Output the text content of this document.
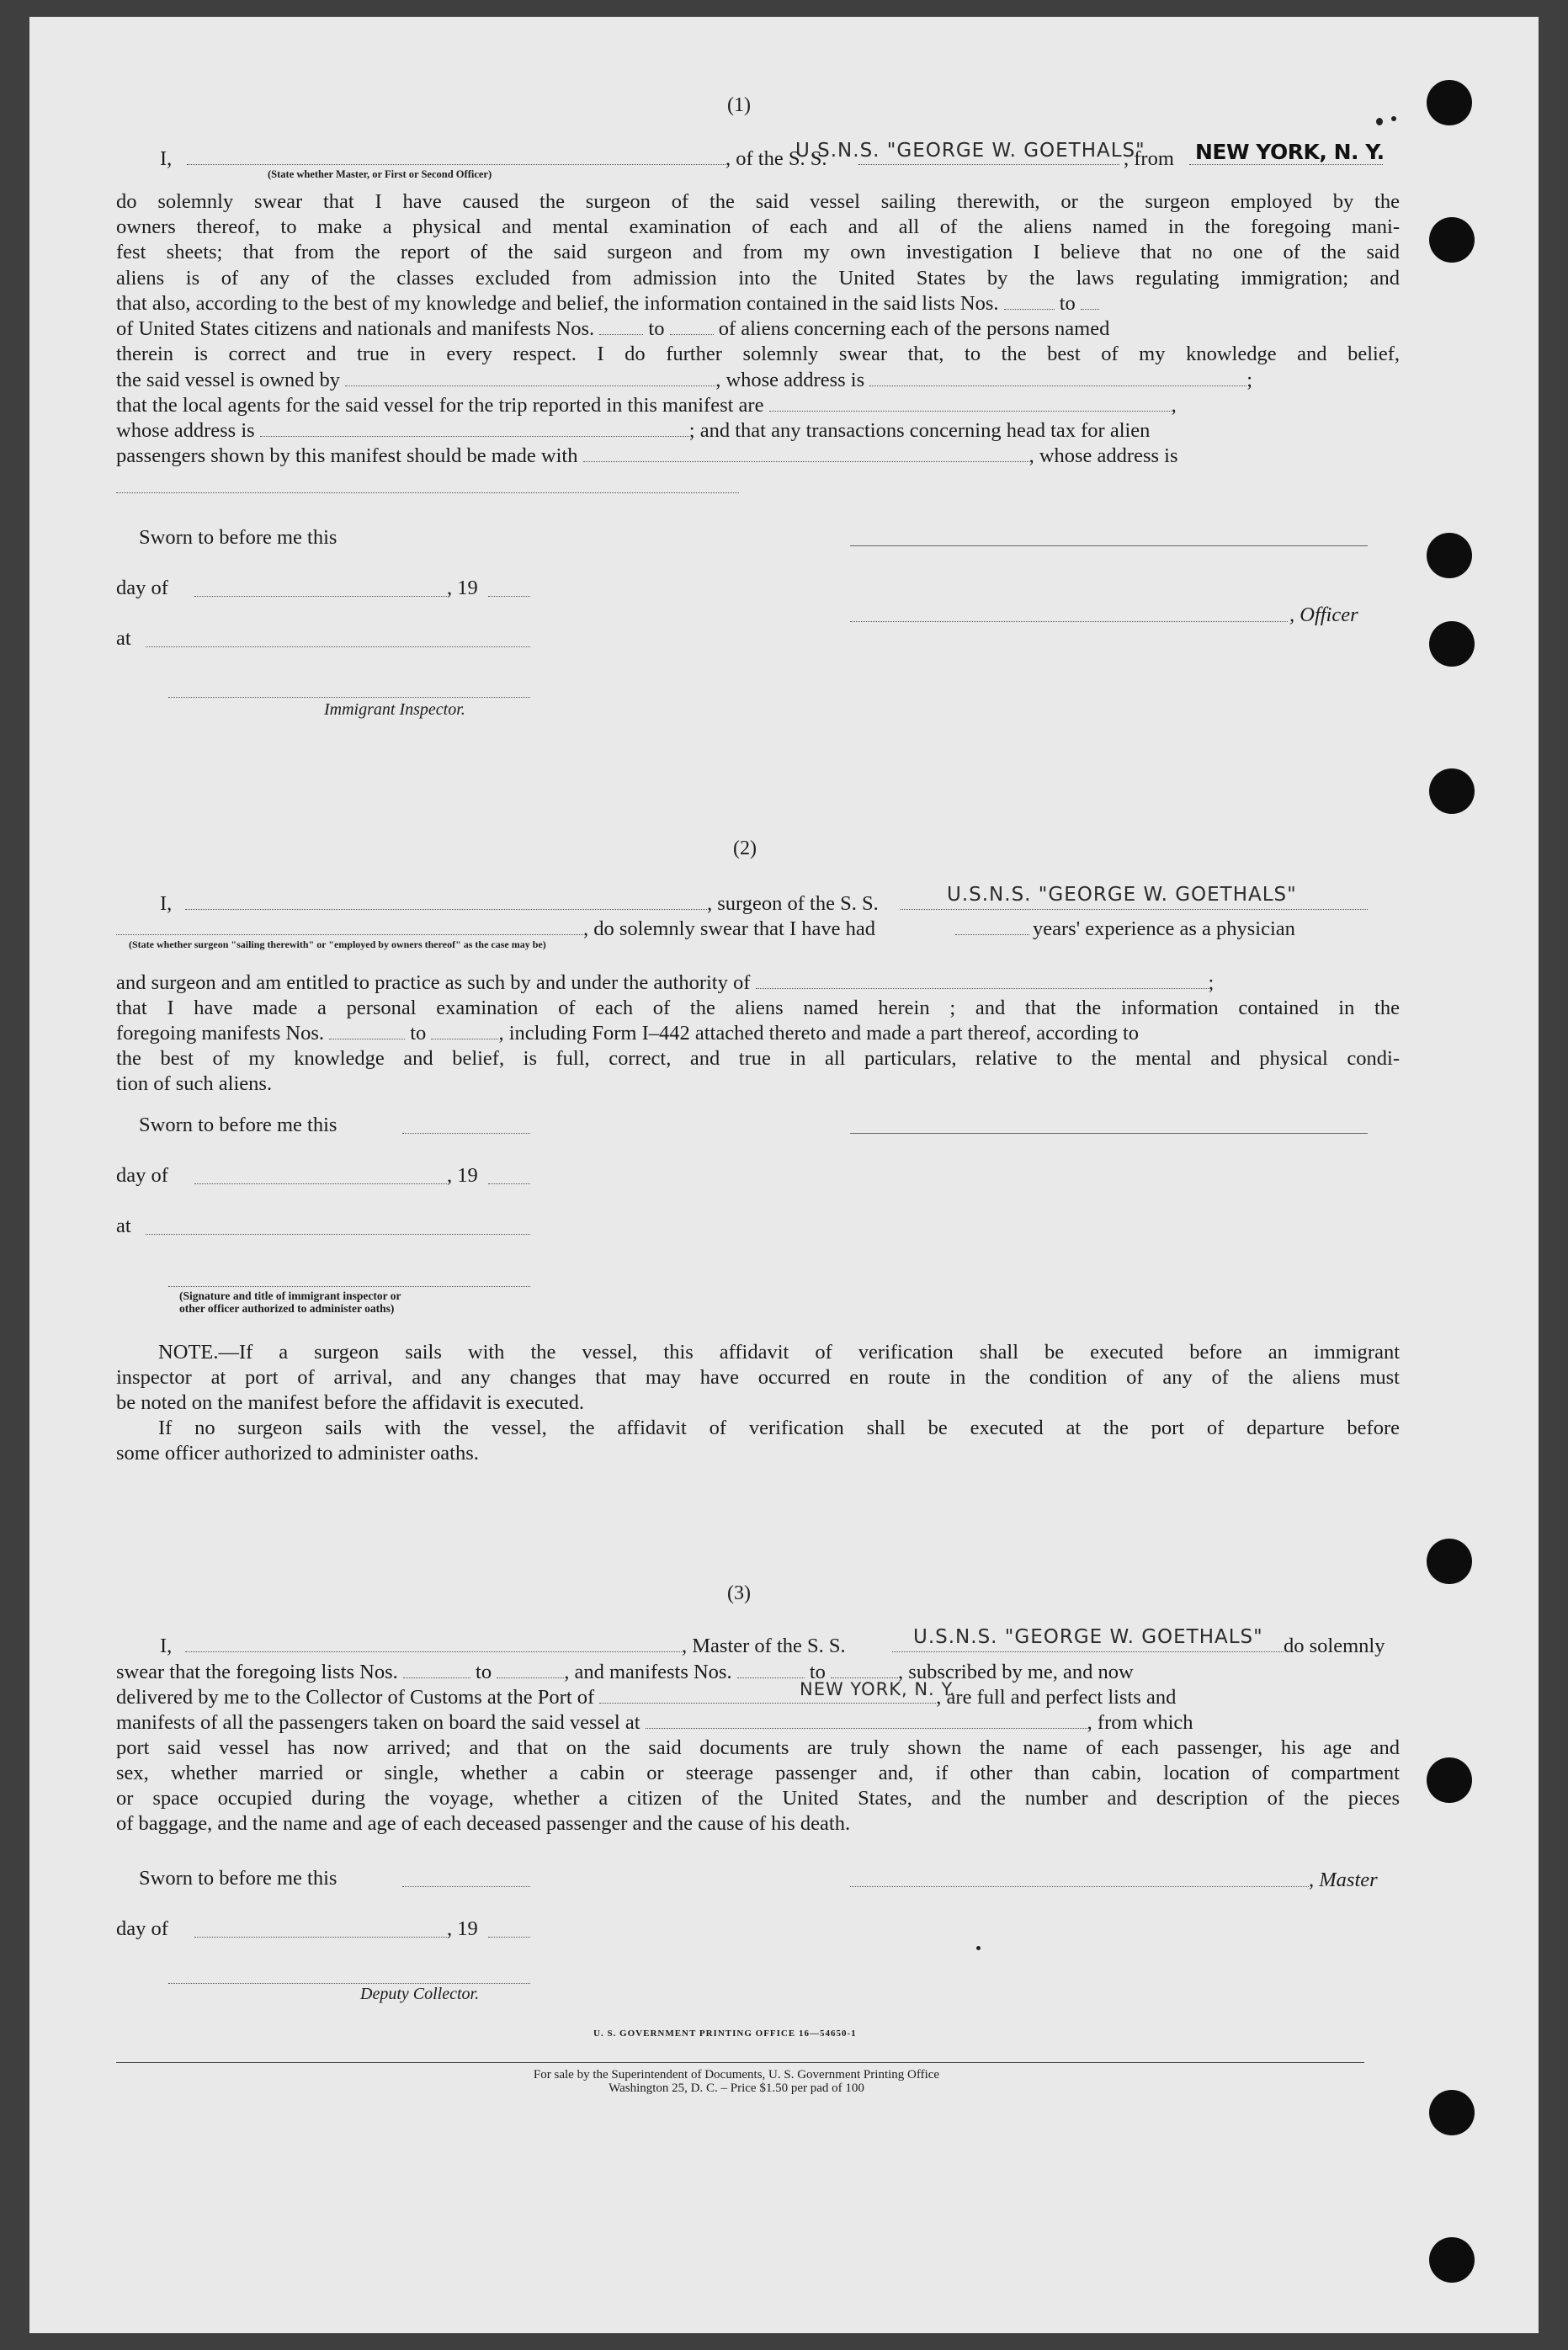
(1)
I,
(State whether Master, or First or Second Officer)
, of the S. S.
U.S.N.S. "GEORGE W. GOETHALS"
, from NEW YORK, N. Y.
do solemnly swear that I have caused the surgeon of the said vessel sailing therewith, or the surgeon employed by the
owners thereof, to make a physical and mental examination of each and all of the aliens named in the foregoing mani-
fest sheets; that from the report of the said surgeon and from my own investigation I believe that no one of the said
aliens is of any of the classes excluded from admission into the United States by the laws regulating immigration; and
that also, according to the best of my knowledge and belief, the information contained in the said lists Nos.	to
of United States citizens and nationals and manifests Nos.	to	of aliens concerning each of the persons named
therein is correct and true in every respect. I do further solemnly swear that, to the best of my knowledge and belief,
the said vessel is owned by	, whose address is	;
that the local agents for the said vessel for the trip reported in this manifest are	,
whose address is	; and that any transactions concerning head tax for alien
passengers shown by this manifest should be made with	, whose address is
Sworn to before me this
day of	, 19
at
Immigrant Inspector.
, Officer
(2)
I,	, surgeon of the S. S.	U.S.N.S. "GEORGE W. GOETHALS"
, do solemnly swear that I have had	years' experience as a physician
(State whether surgeon "sailing therewith" or "employed by owners thereof" as the case may be)
and surgeon and am entitled to practice as such by and under the authority of	;
that I have made a personal examination of each of the aliens named herein ; and that the information contained in the
foregoing manifests Nos.	to	, including Form I–442 attached thereto and made a part thereof, according to
the best of my knowledge and belief, is full, correct, and true in all particulars, relative to the mental and physical condi-
tion of such aliens.
Sworn to before me this
day of	, 19
at
(Signature and title of immigrant inspector or
other officer authorized to administer oaths)
NOTE.—If a surgeon sails with the vessel, this affidavit of verification shall be executed before an immigrant
inspector at port of arrival, and any changes that may have occurred en route in the condition of any of the aliens must
be noted on the manifest before the affidavit is executed.
If no surgeon sails with the vessel, the affidavit of verification shall be executed at the port of departure before
some officer authorized to administer oaths.
(3)
I,	, Master of the S. S.	U.S.N.S. "GEORGE W. GOETHALS" do solemnly
swear that the foregoing lists Nos.	to	, and manifests Nos.	to	, subscribed by me, and now
delivered by me to the Collector of Customs at the Port of	, are full and perfect lists and
NEW YORK, N. Y.
manifests of all the passengers taken on board the said vessel at	, from which
port said vessel has now arrived; and that on the said documents are truly shown the name of each passenger, his age and
sex, whether married or single, whether a cabin or steerage passenger and, if other than cabin, location of compartment
or space occupied during the voyage, whether a citizen of the United States, and the number and description of the pieces
of baggage, and the name and age of each deceased passenger and the cause of his death.
Sworn to before me this	, Master
day of	, 19
Deputy Collector.
U. S. GOVERNMENT PRINTING OFFICE 16—54650-1
For sale by the Superintendent of Documents, U. S. Government Printing Office
Washington 25, D. C. – Price $1.50 per pad of 100
